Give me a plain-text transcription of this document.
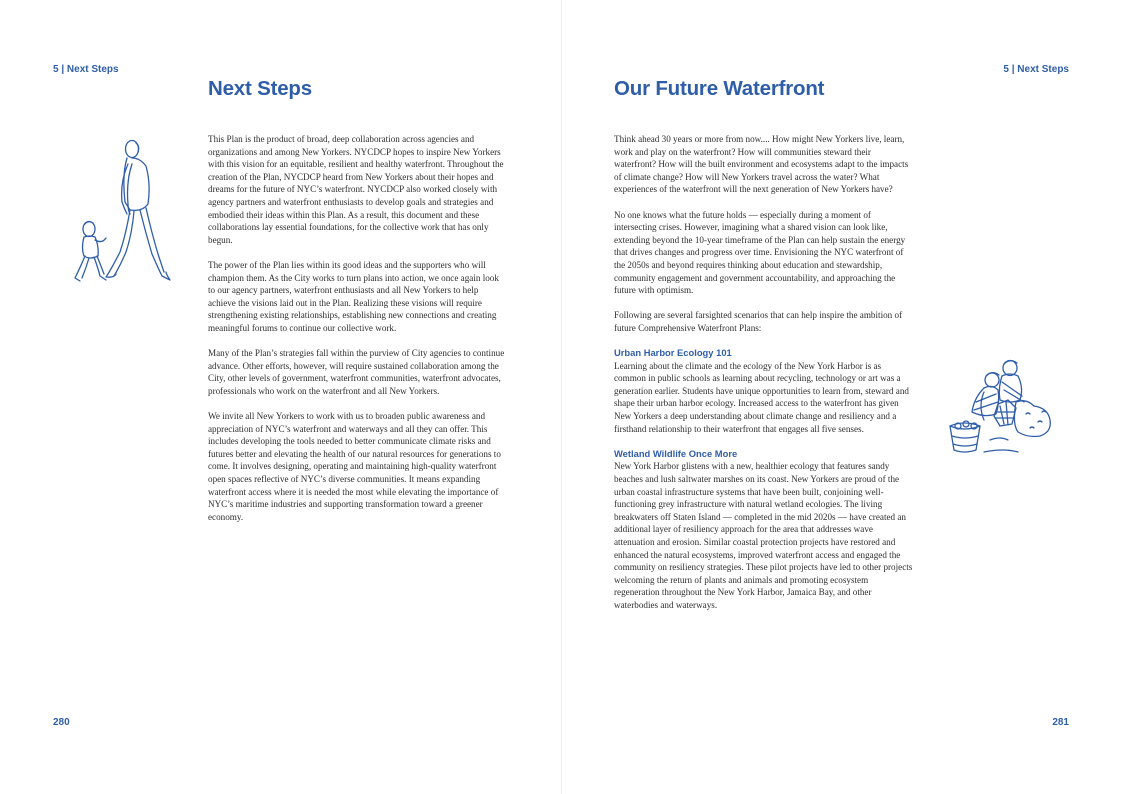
5 | Next Steps
Next Steps

This Plan is the product of broad, deep collaboration across agencies and organizations and among New Yorkers. NYCDCP hopes to inspire New Yorkers with this vision for an equitable, resilient and healthy waterfront. Throughout the creation of the Plan, NYCDCP heard from New Yorkers about their hopes and dreams for the future of NYC’s waterfront. NYCDCP also worked closely with agency partners and waterfront enthusiasts to develop goals and strategies and embodied their ideas within this Plan. As a result, this document and these collaborations lay essential foundations, for the collective work that has only begun.

The power of the Plan lies within its good ideas and the supporters who will champion them. As the City works to turn plans into action, we once again look to our agency partners, waterfront enthusiasts and all New Yorkers to help achieve the visions laid out in the Plan. Realizing these visions will require strengthening existing relationships, establishing new connections and creating meaningful forums to continue our collective work.

Many of the Plan’s strategies fall within the purview of City agencies to continue advance. Other efforts, however, will require sustained collaboration among the City, other levels of government, waterfront communities, waterfront advocates, professionals who work on the waterfront and all New Yorkers.

We invite all New Yorkers to work with us to broaden public awareness and appreciation of NYC’s waterfront and waterways and all they can offer. This includes developing the tools needed to better communicate climate risks and futures better and elevating the health of our natural resources for generations to come. It involves designing, operating and maintaining high-quality waterfront open spaces reflective of NYC’s diverse communities. It means expanding waterfront access where it is needed the most while elevating the importance of NYC’s maritime industries and supporting transformation toward a greener economy.

280
5 | Next Steps
Our Future Waterfront

Think ahead 30 years or more from now.... How might New Yorkers live, learn, work and play on the waterfront? How will communities steward their waterfront? How will the built environment and ecosystems adapt to the impacts of climate change? How will New Yorkers travel across the water? What experiences of the waterfront will the next generation of New Yorkers have?

No one knows what the future holds — especially during a moment of intersecting crises. However, imagining what a shared vision can look like, extending beyond the 10-year timeframe of the Plan can help sustain the energy that drives changes and progress over time. Envisioning the NYC waterfront of the 2050s and beyond requires thinking about education and stewardship, community engagement and government accountability, and approaching the future with optimism.

Following are several farsighted scenarios that can help inspire the ambition of future Comprehensive Waterfront Plans:

Urban Harbor Ecology 101
Learning about the climate and the ecology of the New York Harbor is as common in public schools as learning about recycling, technology or art was a generation earlier. Students have unique opportunities to learn from, steward and shape their urban harbor ecology. Increased access to the waterfront has given New Yorkers a deep understanding about climate change and resiliency and a firsthand relationship to their waterfront that engages all five senses.

Wetland Wildlife Once More
New York Harbor glistens with a new, healthier ecology that features sandy beaches and lush saltwater marshes on its coast. New Yorkers are proud of the urban coastal infrastructure systems that have been built, conjoining well-functioning grey infrastructure with natural wetland ecologies. The living breakwaters off Staten Island — completed in the mid 2020s — have created an additional layer of resiliency approach for the area that addresses wave attenuation and erosion. Similar coastal protection projects have restored and enhanced the natural ecosystems, improved waterfront access and engaged the community on resiliency strategies. These pilot projects have led to other projects welcoming the return of plants and animals and promoting ecosystem regeneration throughout the New York Harbor, Jamaica Bay, and other waterbodies and waterways.

281
